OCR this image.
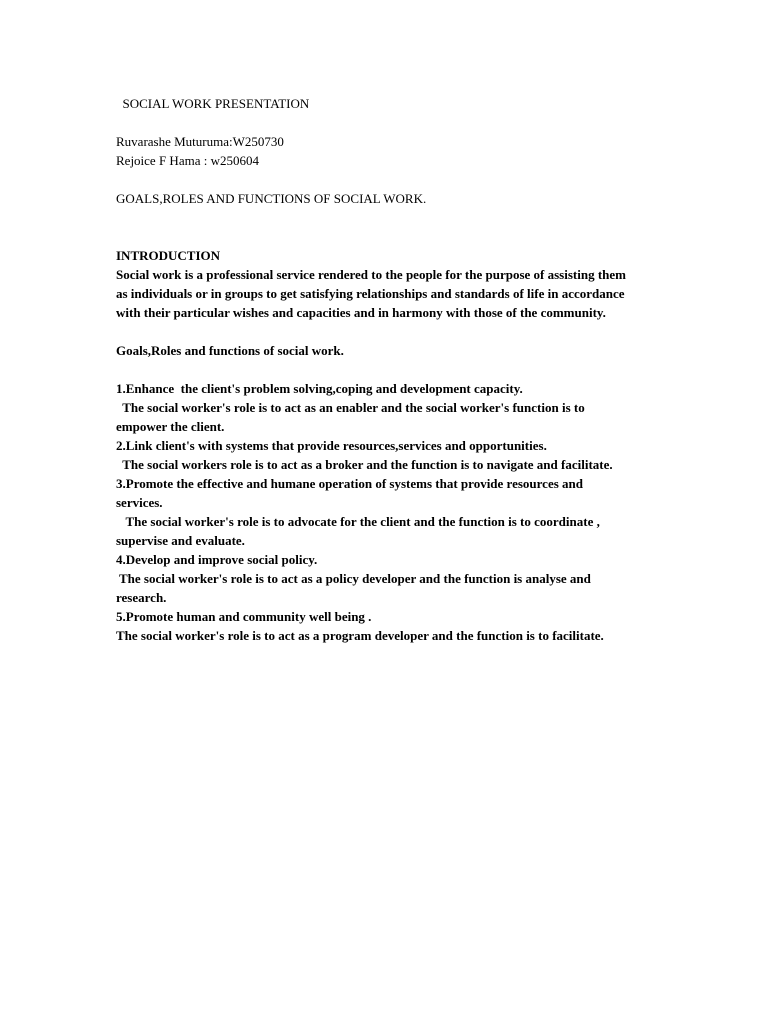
SOCIAL WORK PRESENTATION
Ruvarashe Muturuma:W250730
Rejoice F Hama : w250604
GOALS,ROLES AND FUNCTIONS OF SOCIAL WORK.
INTRODUCTION
Social work is a professional service rendered to the people for the purpose of assisting them
as individuals or in groups to get satisfying relationships and standards of life in accordance
with their particular wishes and capacities and in harmony with those of the community.
Goals,Roles and functions of social work.
1.Enhance  the client's problem solving,coping and development capacity.
The social worker's role is to act as an enabler and the social worker's function is to
empower the client.
2.Link client's with systems that provide resources,services and opportunities.
The social workers role is to act as a broker and the function is to navigate and facilitate.
3.Promote the effective and humane operation of systems that provide resources and
services.
The social worker's role is to advocate for the client and the function is to coordinate ,
supervise and evaluate.
4.Develop and improve social policy.
The social worker's role is to act as a policy developer and the function is analyse and
research.
5.Promote human and community well being .
The social worker's role is to act as a program developer and the function is to facilitate.
